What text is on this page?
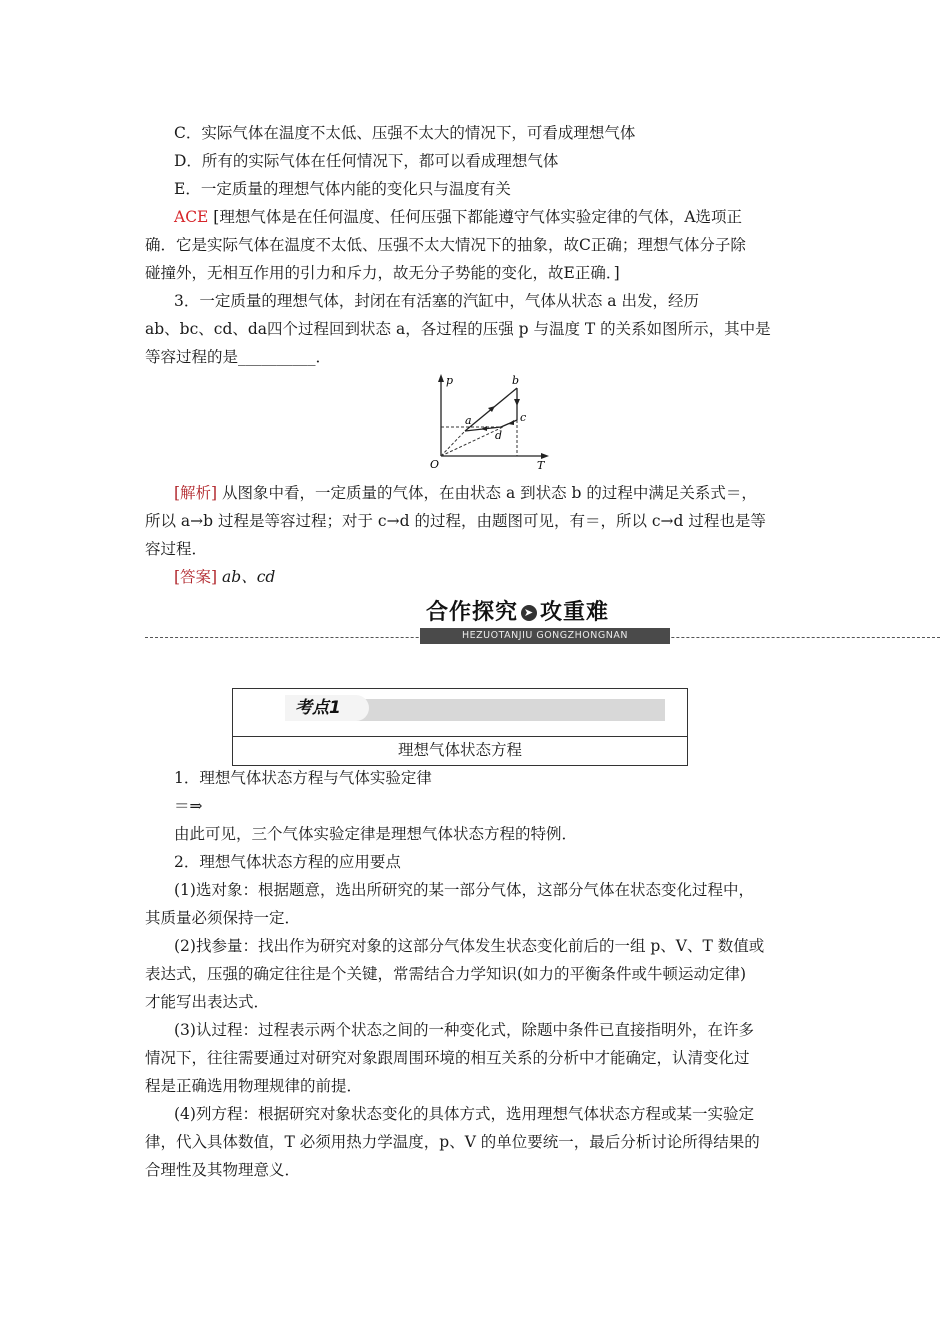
C．实际气体在温度不太低、压强不太大的情况下，可看成理想气体
D．所有的实际气体在任何情况下，都可以看成理想气体
E．一定质量的理想气体内能的变化只与温度有关
ACE [理想气体是在任何温度、任何压强下都能遵守气体实验定律的气体，A选项正
确．它是实际气体在温度不太低、压强不太大情况下的抽象，故C正确；理想气体分子除
碰撞外，无相互作用的引力和斥力，故无分子势能的变化，故E正确．]
3．一定质量的理想气体，封闭在有活塞的汽缸中，气体从状态 a 出发，经历
ab、bc、cd、da四个过程回到状态 a，各过程的压强 p 与温度 T 的关系如图所示，其中是
等容过程的是__________．
p
T
O
a
b
c
d
[解析] 从图象中看，一定质量的气体，在由状态 a 到状态 b 的过程中满足关系式＝，
所以 a→b 过程是等容过程；对于 c→d 的过程，由题图可见，有＝，所以 c→d 过程也是等
容过程．
[答案] ab、cd
合作探究 ➤ 攻重难
HEZUOTANJIU GONGZHONGNAN
考点1
理想气体状态方程
1．理想气体状态方程与气体实验定律
＝⇒
由此可见，三个气体实验定律是理想气体状态方程的特例．
2．理想气体状态方程的应用要点
(1)选对象：根据题意，选出所研究的某一部分气体，这部分气体在状态变化过程中，
其质量必须保持一定．
(2)找参量：找出作为研究对象的这部分气体发生状态变化前后的一组 p、V、T 数值或
表达式，压强的确定往往是个关键，常需结合力学知识(如力的平衡条件或牛顿运动定律)
才能写出表达式．
(3)认过程：过程表示两个状态之间的一种变化式，除题中条件已直接指明外，在许多
情况下，往往需要通过对研究对象跟周围环境的相互关系的分析中才能确定，认清变化过
程是正确选用物理规律的前提．
(4)列方程：根据研究对象状态变化的具体方式，选用理想气体状态方程或某一实验定
律，代入具体数值，T 必须用热力学温度，p、V 的单位要统一，最后分析讨论所得结果的
合理性及其物理意义．
